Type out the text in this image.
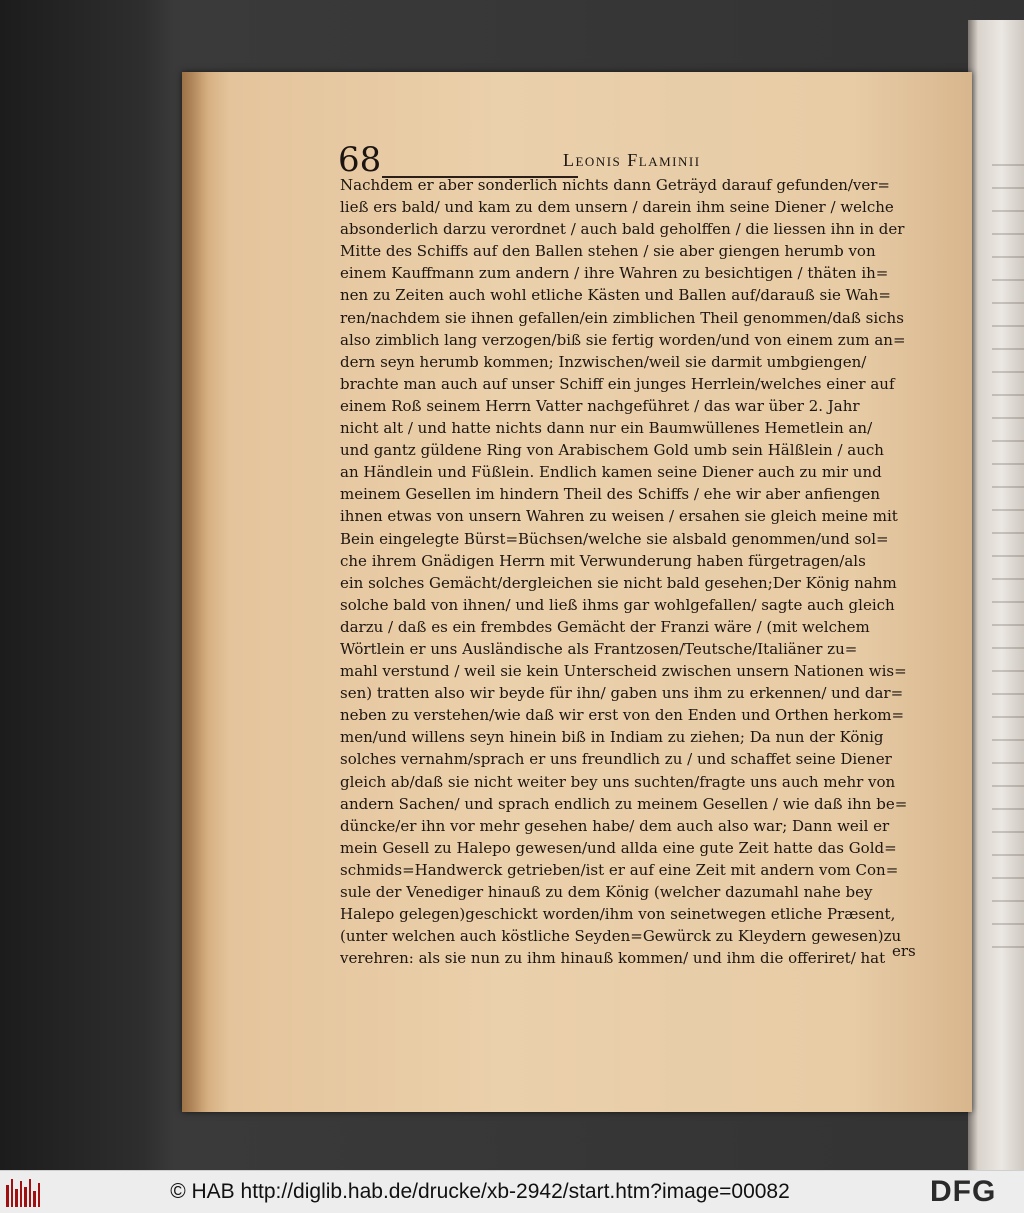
68	Leonis Flaminii
Nachdem er aber sonderlich nichts dann Geträyd darauf gefunden/ver=
ließ ers bald/ und kam zu dem unsern / darein ihm seine Diener / welche
absonderlich darzu verordnet / auch bald geholffen / die liessen ihn in der
Mitte des Schiffs auf den Ballen stehen / sie aber giengen herumb von
einem Kauffmann zum andern / ihre Wahren zu besichtigen / thäten ih=
nen zu Zeiten auch wohl etliche Kästen und Ballen auf/darauß sie Wah=
ren/nachdem sie ihnen gefallen/ein zimblichen Theil genommen/daß sichs
also zimblich lang verzogen/biß sie fertig worden/und von einem zum an=
dern seyn herumb kommen; Inzwischen/weil sie darmit umbgiengen/
brachte man auch auf unser Schiff ein junges Herrlein/welches einer auf
einem Roß seinem Herrn Vatter nachgeführet / das war über 2. Jahr
nicht alt / und hatte nichts dann nur ein Baumwüllenes Hemetlein an/
und gantz güldene Ring von Arabischem Gold umb sein Hälßlein / auch
an Händlein und Füßlein. Endlich kamen seine Diener auch zu mir und
meinem Gesellen im hindern Theil des Schiffs / ehe wir aber anfiengen
ihnen etwas von unsern Wahren zu weisen / ersahen sie gleich meine mit
Bein eingelegte Bürst=Büchsen/welche sie alsbald genommen/und sol=
che ihrem Gnädigen Herrn mit Verwunderung haben fürgetragen/als
ein solches Gemächt/dergleichen sie nicht bald gesehen;Der König nahm
solche bald von ihnen/ und ließ ihms gar wohlgefallen/ sagte auch gleich
darzu / daß es ein frembdes Gemächt der Franzi wäre / (mit welchem
Wörtlein er uns Ausländische als Frantzosen/Teutsche/Italiäner zu=
mahl verstund / weil sie kein Unterscheid zwischen unsern Nationen wis=
sen) tratten also wir beyde für ihn/ gaben uns ihm zu erkennen/ und dar=
neben zu verstehen/wie daß wir erst von den Enden und Orthen herkom=
men/und willens seyn hinein biß in Indiam zu ziehen; Da nun der König
solches vernahm/sprach er uns freundlich zu / und schaffet seine Diener
gleich ab/daß sie nicht weiter bey uns suchten/fragte uns auch mehr von
andern Sachen/ und sprach endlich zu meinem Gesellen / wie daß ihn be=
düncke/er ihn vor mehr gesehen habe/ dem auch also war; Dann weil er
mein Gesell zu Halepo gewesen/und allda eine gute Zeit hatte das Gold=
schmids=Handwerck getrieben/ist er auf eine Zeit mit andern vom Con=
sule der Venediger hinauß zu dem König (welcher dazumahl nahe bey
Halepo gelegen)geschickt worden/ihm von seinetwegen etliche Præsent,
(unter welchen auch köstliche Seyden=Gewürck zu Kleydern gewesen)zu
verehren: als sie nun zu ihm hinauß kommen/ und ihm die offeriret/ hat ers
© HAB http://diglib.hab.de/drucke/xb-2942/start.htm?image=00082	DFG
